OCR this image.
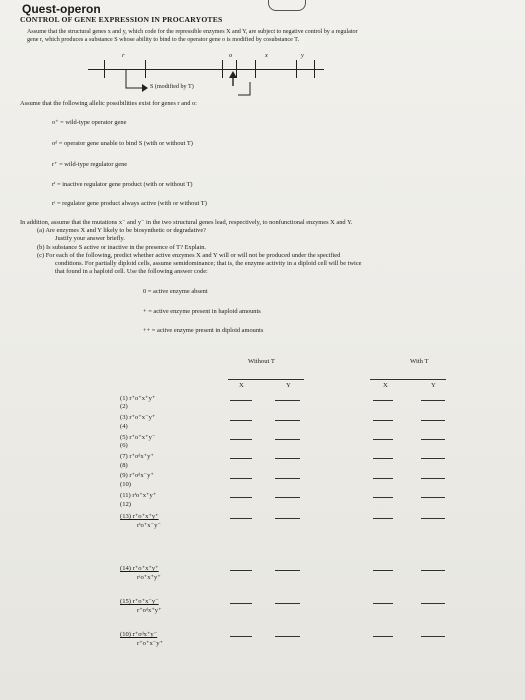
Quest-operon
CONTROL OF GENE EXPRESSION IN PROCARYOTES
Assume that the structural genes x and y, which code for the repressible enzymes X and Y, are subject to negative control by a regulator
gene r, which produces a substance S whose ability to bind to the operator gene o is modified by cosubstance T.
r	o	x	y
S (modified by T)
Assume that the following allelic possibilities exist for genes r and o:
o⁺ = wild-type operator gene
oᵈ = operator gene unable to bind S (with or without T)
r⁺ = wild-type regulator gene
rⁱ = inactive regulator gene product (with or without T)
rᵗ = regulator gene product always active (with or without T)
In addition, assume that the mutations x⁻ and y⁻ in the two structural genes lead, respectively, to nonfunctional enzymes X and Y.
(a) Are enzymes X and Y likely to be biosynthetic or degradative?
Justify your answer briefly.
(b) Is substance S active or inactive in the presence of T? Explain.
(c) For each of the following, predict whether active enzymes X and Y will or will not be produced under the specified
conditions. For partially diploid cells, assume semidominance; that is, the enzyme activity in a diploid cell will be twice
that found in a haploid cell. Use the following answer code:
0 = active enzyme absent
+ = active enzyme present in haploid amounts
++ = active enzyme present in diploid amounts
Without T	With T
X	Y	X	Y
(1) r⁺o⁺x⁺y⁺
(2)
(3) r⁺o⁺x⁻y⁺
(4)
(5) r⁺o⁺x⁺y⁻
(6)
(7) r⁺oᵈx⁺y⁺
(8)
(9) r⁺oᵈx⁻y⁺
(10)
(11) rⁱo⁺x⁺y⁺
(12)
(13) r⁺o⁺x⁺y⁺
rⁱo⁺x⁻y⁻
(14) r⁺o⁺x⁺y⁺
rᵗo⁺x⁺y⁺
(15) r⁺o⁺x⁻y⁻
r⁺oᵈx⁺y⁺
(10) r⁺oᵈx⁺y⁻
r⁺o⁺x⁻y⁺
